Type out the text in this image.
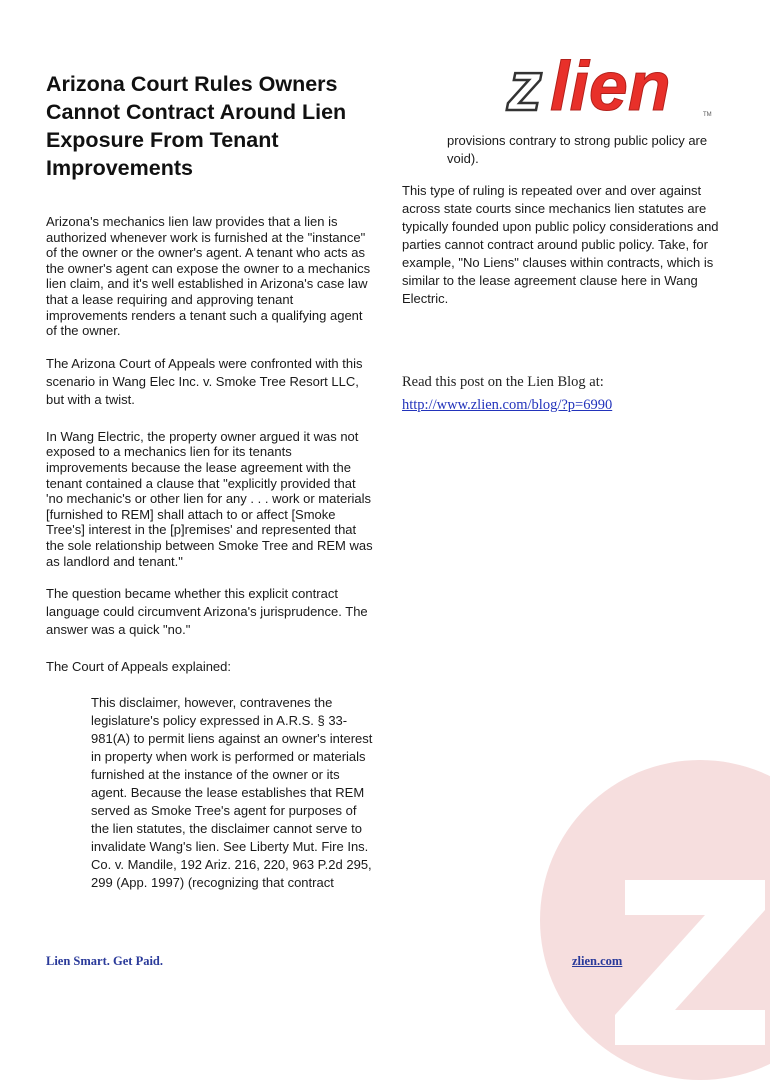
z lien	TM
Arizona Court Rules Owners Cannot Contract Around Lien Exposure From Tenant Improvements

Arizona's mechanics lien law provides that a lien is authorized whenever work is furnished at the "instance" of the owner or the owner's agent. A tenant who acts as the owner's agent can expose the owner to a mechanics lien claim, and it's well established in Arizona's case law that a lease requiring and approving tenant improvements renders a tenant such a qualifying agent of the owner.

The Arizona Court of Appeals were confronted with this scenario in Wang Elec Inc. v. Smoke Tree Resort LLC, but with a twist.

In Wang Electric, the property owner argued it was not exposed to a mechanics lien for its tenants improvements because the lease agreement with the tenant contained a clause that "explicitly provided that 'no mechanic's or other lien for any . . . work or materials [furnished to REM] shall attach to or affect [Smoke Tree's] interest in the [p]remises' and represented that the sole relationship between Smoke Tree and REM was as landlord and tenant."

The question became whether this explicit contract language could circumvent Arizona's jurisprudence. The answer was a quick "no."

The Court of Appeals explained:

This disclaimer, however, contravenes the legislature's policy expressed in A.R.S. § 33-981(A) to permit liens against an owner's interest in property when work is performed or materials furnished at the instance of the owner or its agent. Because the lease establishes that REM served as Smoke Tree's agent for purposes of the lien statutes, the disclaimer cannot serve to invalidate Wang's lien. See Liberty Mut. Fire Ins. Co. v. Mandile, 192 Ariz. 216, 220, 963 P.2d 295, 299 (App. 1997) (recognizing that contract

provisions contrary to strong public policy are void).

This type of ruling is repeated over and over against across state courts since mechanics lien statutes are typically founded upon public policy considerations and parties cannot contract around public policy. Take, for example, "No Liens" clauses within contracts, which is similar to the lease agreement clause here in Wang Electric.

Read this post on the Lien Blog at:

http://www.zlien.com/blog/?p=6990
Lien Smart. Get Paid.	zlien.com
